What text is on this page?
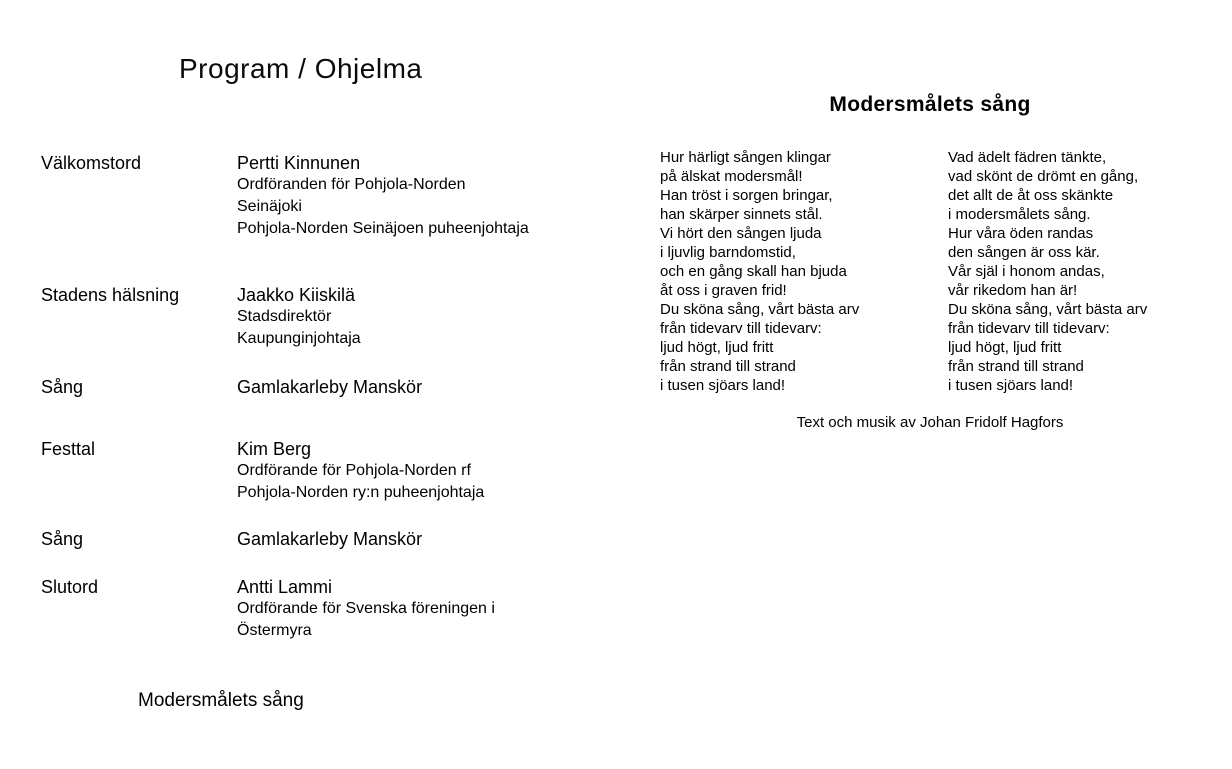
Program / Ohjelma
Välkomstord	Pertti Kinnunen
Ordföranden för Pohjola-Norden
Seinäjoki
Pohjola-Norden Seinäjoen puheenjohtaja
Stadens hälsning	Jaakko Kiiskilä
Stadsdirektör
Kaupunginjohtaja
Sång	Gamlakarleby Manskör
Festtal	Kim Berg
Ordförande för Pohjola-Norden rf
Pohjola-Norden ry:n puheenjohtaja
Sång	Gamlakarleby Manskör
Slutord	Antti Lammi
Ordförande för Svenska föreningen i
Östermyra
Modersmålets sång
Modersmålets sång
Hur härligt sången klingar
på älskat modersmål!
Han tröst i sorgen bringar,
han skärper sinnets stål.
Vi hört den sången ljuda
i ljuvlig barndomstid,
och en gång skall han bjuda
åt oss i graven frid!
Du sköna sång, vårt bästa arv
från tidevarv till tidevarv:
ljud högt, ljud fritt
från strand till strand
i tusen sjöars land!
Vad ädelt fädren tänkte,
vad skönt de drömt en gång,
det allt de åt oss skänkte
i modersmålets sång.
Hur våra öden randas
den sången är oss kär.
Vår själ i honom andas,
vår rikedom han är!
Du sköna sång, vårt bästa arv
från tidevarv till tidevarv:
ljud högt, ljud fritt
från strand till strand
i tusen sjöars land!
Text och musik av Johan Fridolf Hagfors
